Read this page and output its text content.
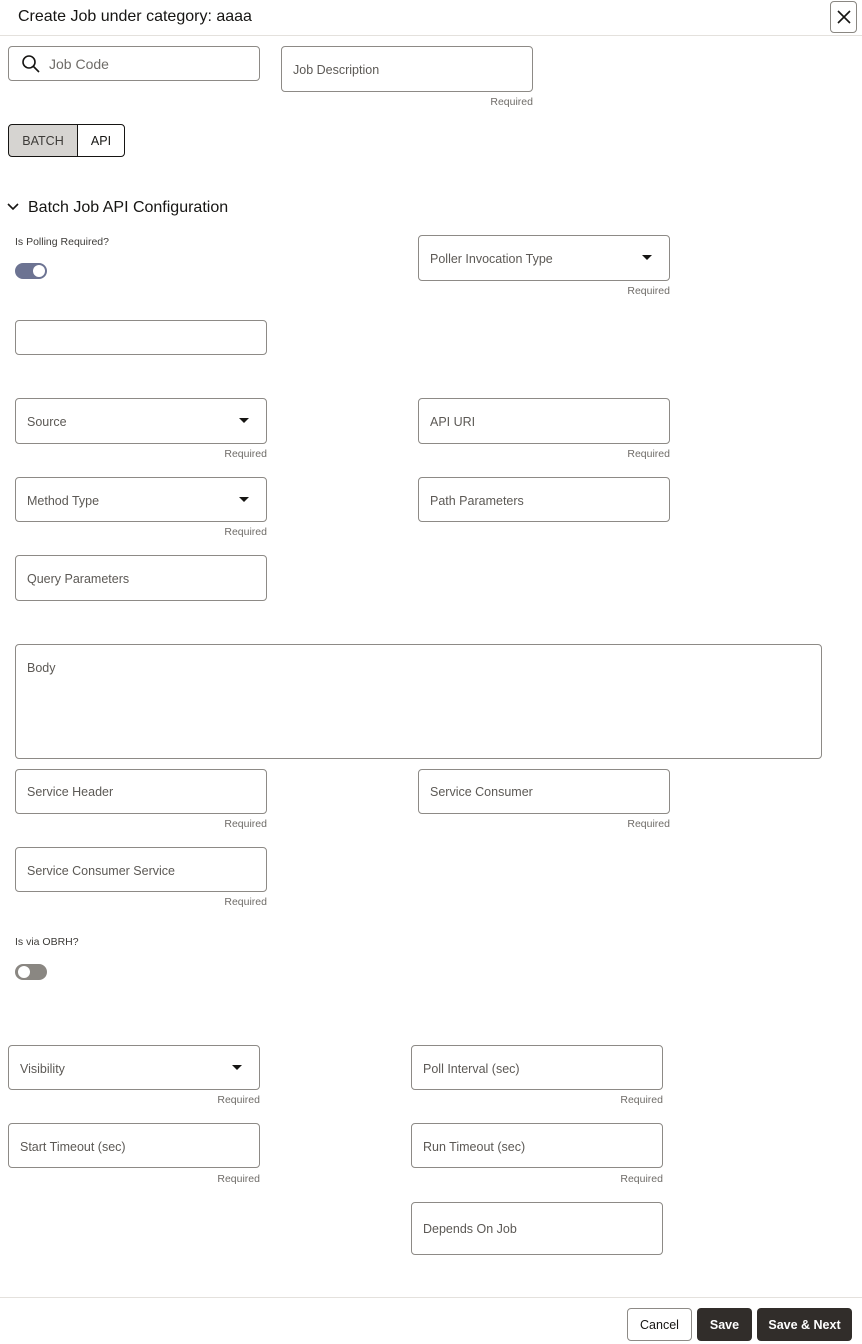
Create Job under category: aaaa
Job Code	Job Description
Required
BATCH	API
Batch Job API Configuration
Is Polling Required?
Poller Invocation Type
Required
Source
Required
API URI
Required
Method Type
Required
Path Parameters
Query Parameters
Body
Service Header
Required
Service Consumer
Required
Service Consumer Service
Required
Is via OBRH?
Visibility
Required
Poll Interval (sec)
Required
Start Timeout (sec)
Required
Run Timeout (sec)
Required
Depends On Job
Cancel	Save	Save & Next
